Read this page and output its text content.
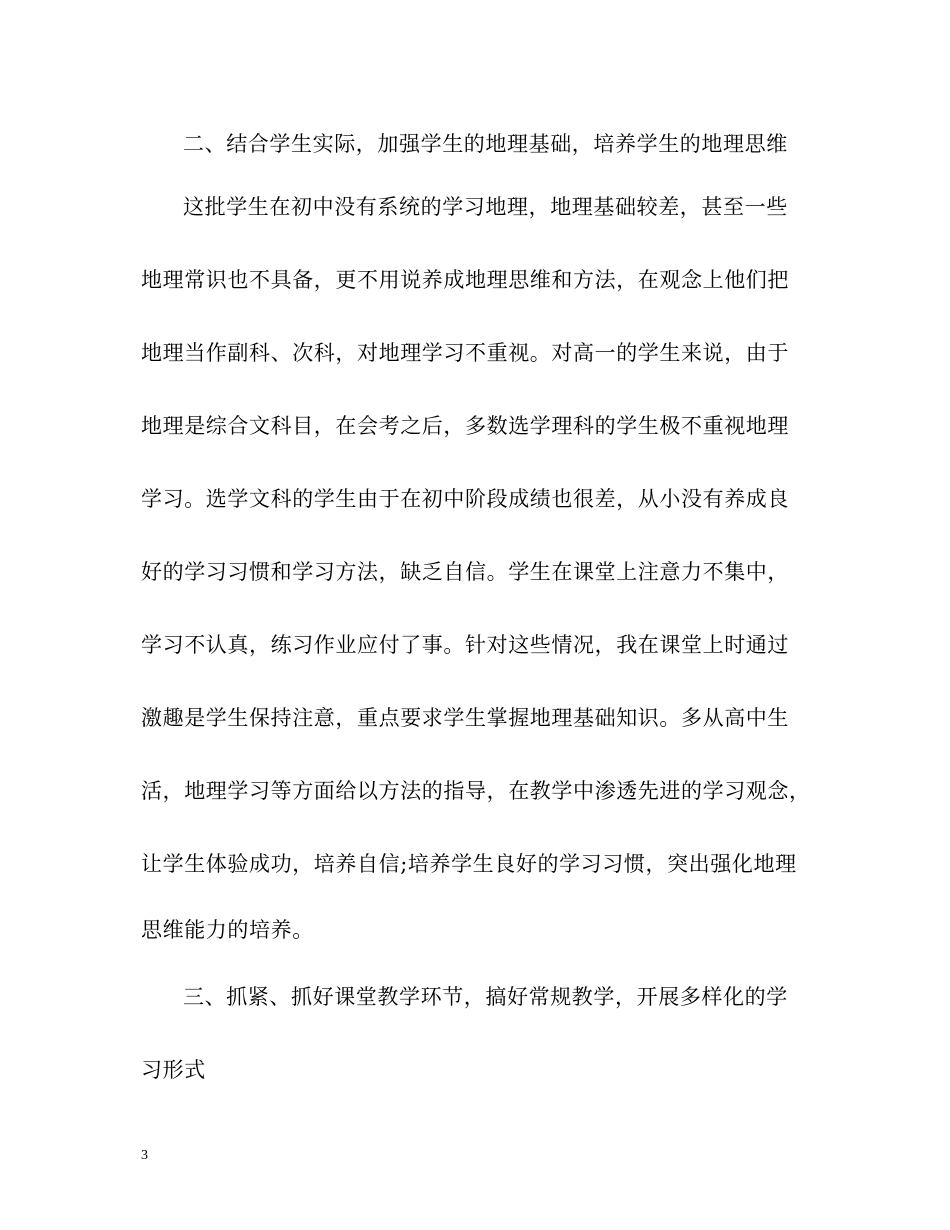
二、结合学生实际，加强学生的地理基础，培养学生的地理思维
这批学生在初中没有系统的学习地理，地理基础较差，甚至一些
地理常识也不具备，更不用说养成地理思维和方法，在观念上他们把
地理当作副科、次科，对地理学习不重视。对高一的学生来说，由于
地理是综合文科目，在会考之后，多数选学理科的学生极不重视地理
学习。选学文科的学生由于在初中阶段成绩也很差，从小没有养成良
好的学习习惯和学习方法，缺乏自信。学生在课堂上注意力不集中，
学习不认真，练习作业应付了事。针对这些情况，我在课堂上时通过
激趣是学生保持注意，重点要求学生掌握地理基础知识。多从高中生
活，地理学习等方面给以方法的指导，在教学中渗透先进的学习观念，
让学生体验成功，培养自信;培养学生良好的学习习惯，突出强化地理
思维能力的培养。
三、抓紧、抓好课堂教学环节，搞好常规教学，开展多样化的学
习形式
3
